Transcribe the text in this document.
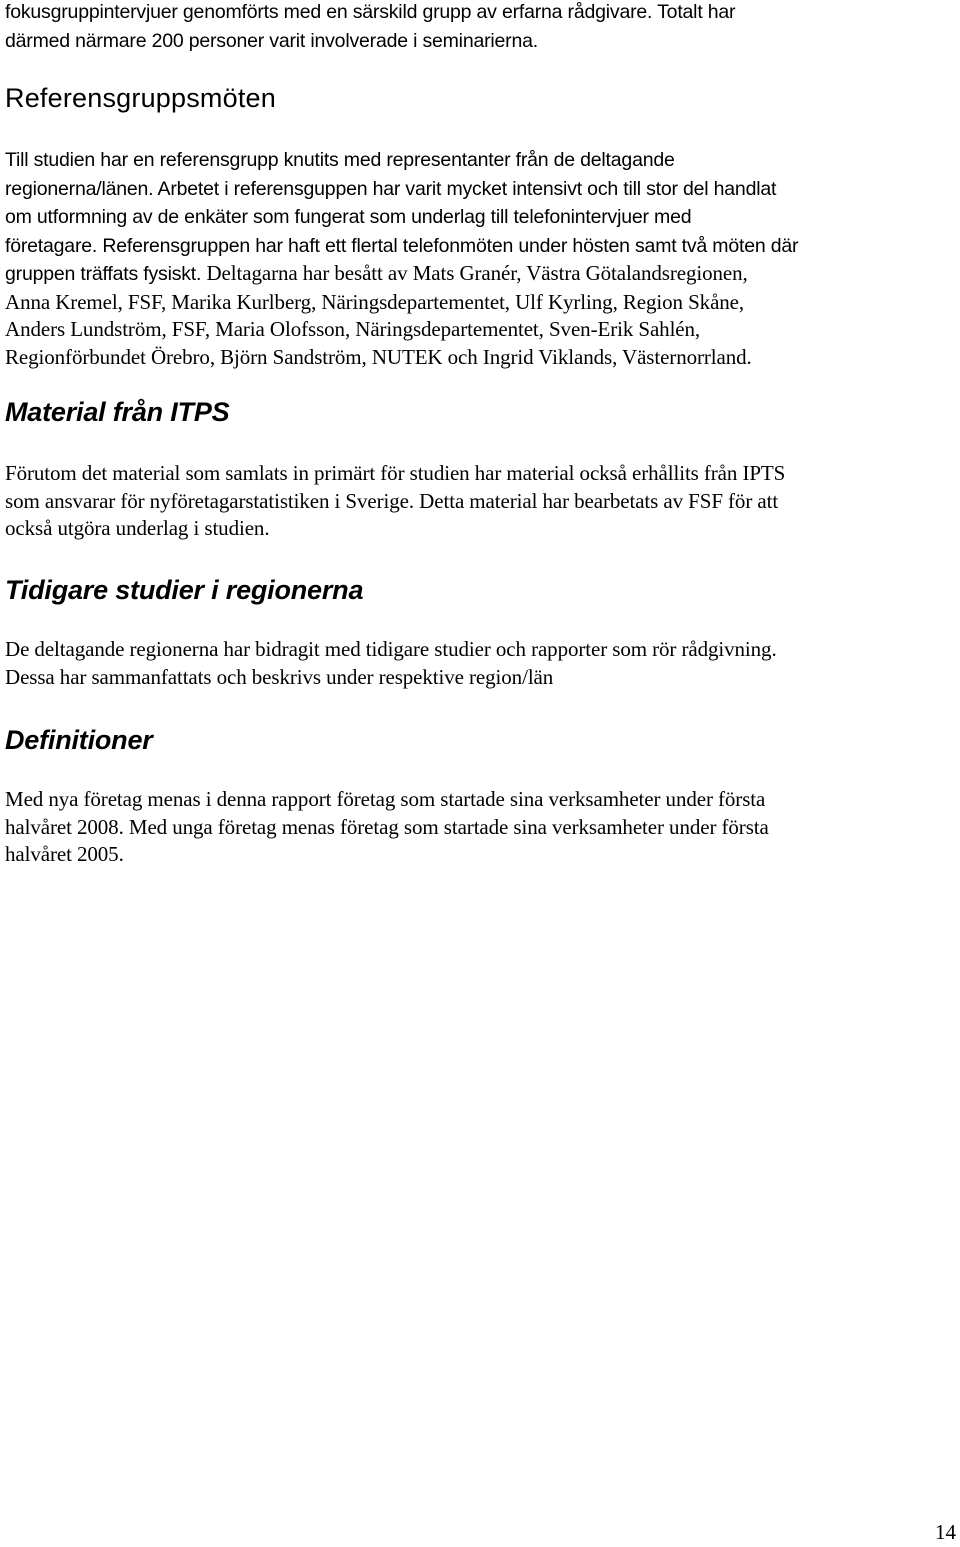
fokusgruppintervjuer genomförts med en särskild grupp av erfarna rådgivare. Totalt har
därmed närmare 200 personer varit involverade i seminarierna.

Referensgruppsmöten

Till studien har en referensgrupp knutits med representanter från de deltagande
regionerna/länen. Arbetet i referensguppen har varit mycket intensivt och till stor del handlat
om utformning av de enkäter som fungerat som underlag till telefonintervjuer med
företagare. Referensgruppen har haft ett flertal telefonmöten under hösten samt två möten där
gruppen träffats fysiskt. Deltagarna har besått av Mats Granér, Västra Götalandsregionen,
Anna Kremel, FSF, Marika Kurlberg, Näringsdepartementet, Ulf Kyrling, Region Skåne,
Anders Lundström, FSF, Maria Olofsson, Näringsdepartementet, Sven-Erik Sahlén,
Regionförbundet Örebro, Björn Sandström, NUTEK och Ingrid Viklands, Västernorrland.

Material från ITPS

Förutom det material som samlats in primärt för studien har material också erhållits från IPTS
som ansvarar för nyföretagarstatistiken i Sverige. Detta material har bearbetats av FSF för att
också utgöra underlag i studien.

Tidigare studier i regionerna

De deltagande regionerna har bidragit med tidigare studier och rapporter som rör rådgivning.
Dessa har sammanfattats och beskrivs under respektive region/län

Definitioner

Med nya företag menas i denna rapport företag som startade sina verksamheter under första
halvåret 2008. Med unga företag menas företag som startade sina verksamheter under första
halvåret 2005.

14
